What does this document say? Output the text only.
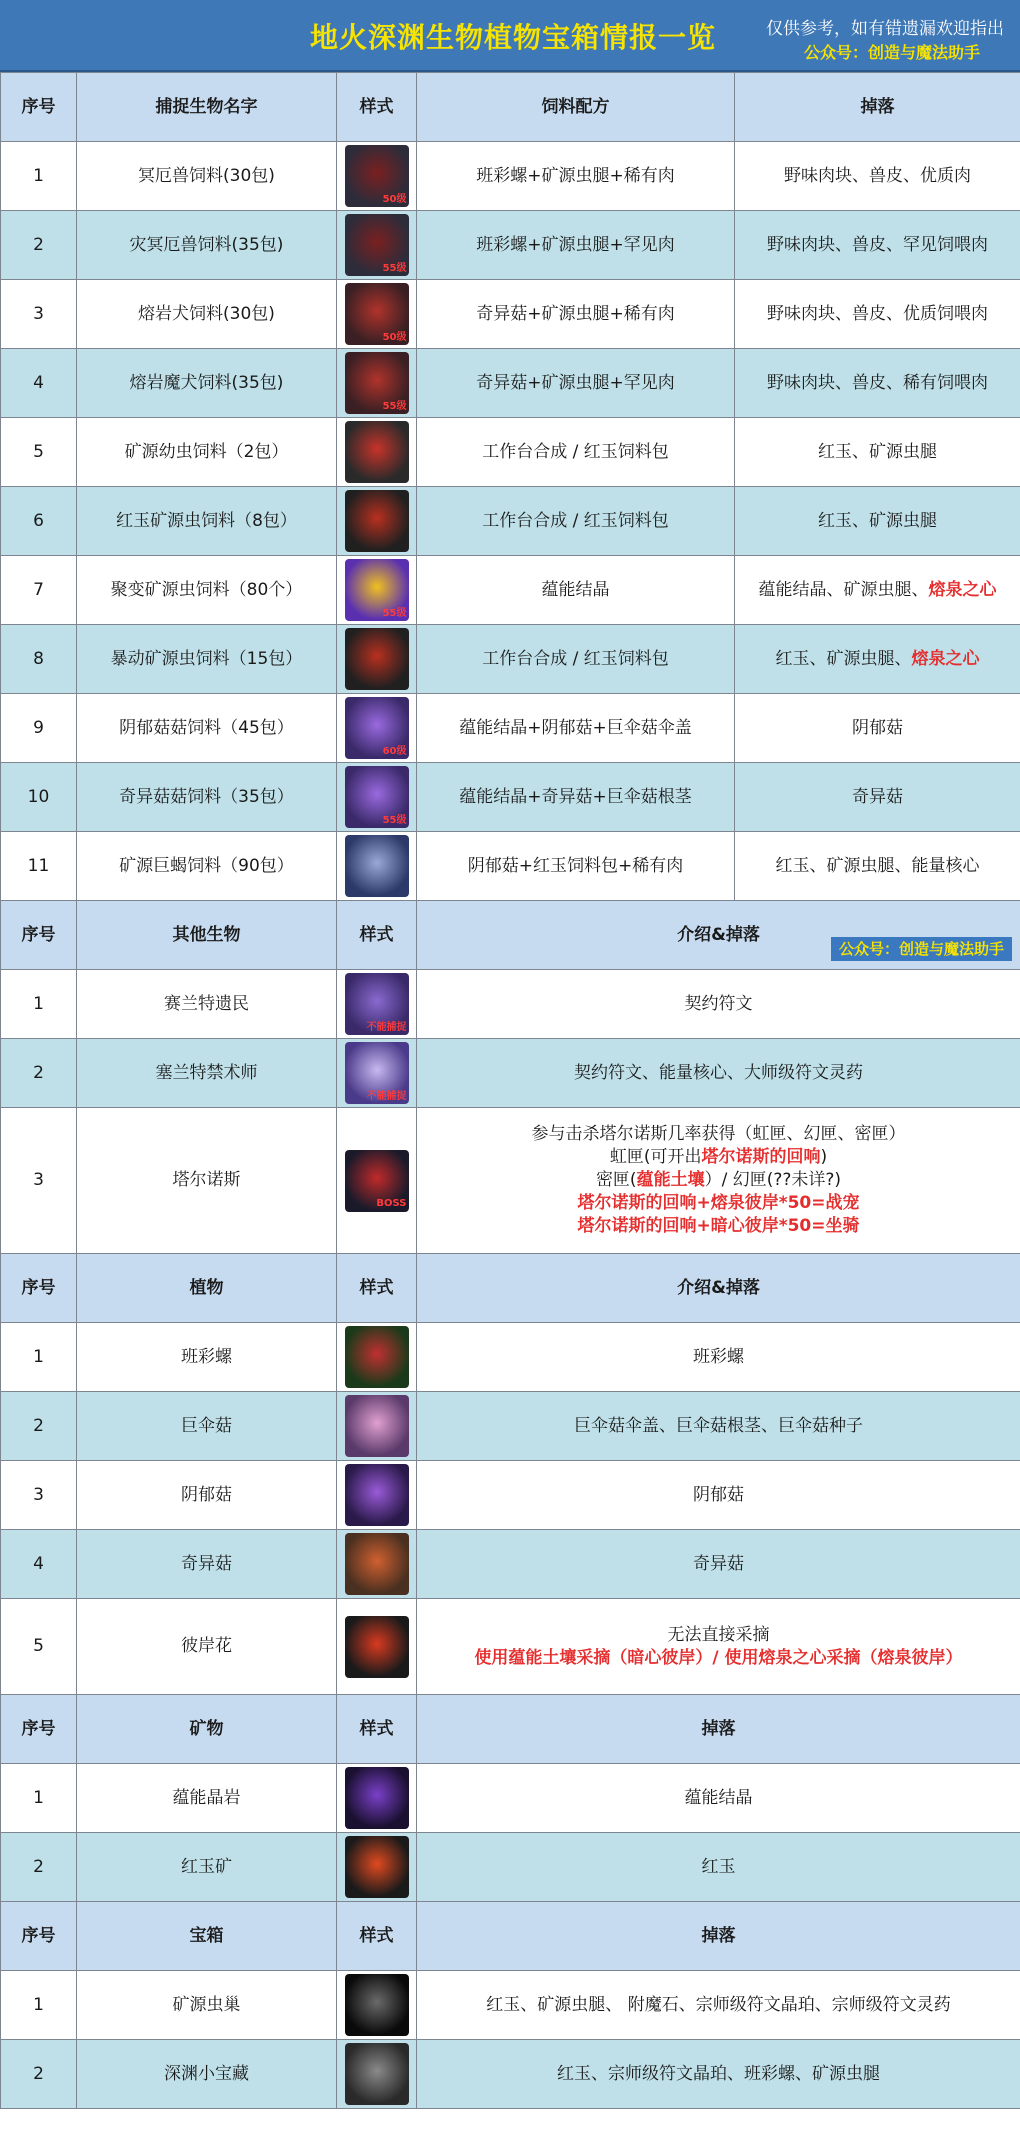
地火深渊生物植物宝箱情报一览	仅供参考，如有错遗漏欢迎指出
公众号：创造与魔法助手
序号	捕捉生物名字	样式	饲料配方	掉落
1	冥厄兽饲料(30包)	50级	班彩螺+矿源虫腿+稀有肉	野味肉块、兽皮、优质肉
2	灾冥厄兽饲料(35包)	55级	班彩螺+矿源虫腿+罕见肉	野味肉块、兽皮、罕见饲喂肉
3	熔岩犬饲料(30包)	50级	奇异菇+矿源虫腿+稀有肉	野味肉块、兽皮、优质饲喂肉
4	熔岩魔犬饲料(35包)	55级	奇异菇+矿源虫腿+罕见肉	野味肉块、兽皮、稀有饲喂肉
5	矿源幼虫饲料（2包）		工作台合成 / 红玉饲料包	红玉、矿源虫腿
6	红玉矿源虫饲料（8包）		工作台合成 / 红玉饲料包	红玉、矿源虫腿
7	聚变矿源虫饲料（80个）	55级	蕴能结晶	蕴能结晶、矿源虫腿、熔泉之心
8	暴动矿源虫饲料（15包）		工作台合成 / 红玉饲料包	红玉、矿源虫腿、熔泉之心
9	阴郁菇菇饲料（45包）	60级	蕴能结晶+阴郁菇+巨伞菇伞盖	阴郁菇
10	奇异菇菇饲料（35包）	55级	蕴能结晶+奇异菇+巨伞菇根茎	奇异菇
11	矿源巨蝎饲料（90包）		阴郁菇+红玉饲料包+稀有肉	红玉、矿源虫腿、能量核心
序号	其他生物	样式	介绍&掉落
公众号：创造与魔法助手	

1	赛兰特遗民	不能捕捉	契约符文	
2	塞兰特禁术师	不能捕捉	契约符文、能量核心、大师级符文灵药	
3	塔尔诺斯	BOSS	参与击杀塔尔诺斯几率获得（虹匣、幻匣、密匣）
虹匣(可开出塔尔诺斯的回响)
密匣(蕴能土壤）/ 幻匣(??未详?)
塔尔诺斯的回响+熔泉彼岸*50=战宠
塔尔诺斯的回响+暗心彼岸*50=坐骑	

序号	植物	样式	介绍&掉落	
1	班彩螺		班彩螺	
2	巨伞菇		巨伞菇伞盖、巨伞菇根茎、巨伞菇种子	
3	阴郁菇		阴郁菇	
4	奇异菇		奇异菇	
5	彼岸花		无法直接采摘
使用蕴能土壤采摘（暗心彼岸）/ 使用熔泉之心采摘（熔泉彼岸）	

序号	矿物	样式	掉落	
1	蕴能晶岩		蕴能结晶	
2	红玉矿		红玉	
序号	宝箱	样式	掉落	
1	矿源虫巢		红玉、矿源虫腿、 附魔石、宗师级符文晶珀、宗师级符文灵药	
2	深渊小宝藏		红玉、宗师级符文晶珀、班彩螺、矿源虫腿	
